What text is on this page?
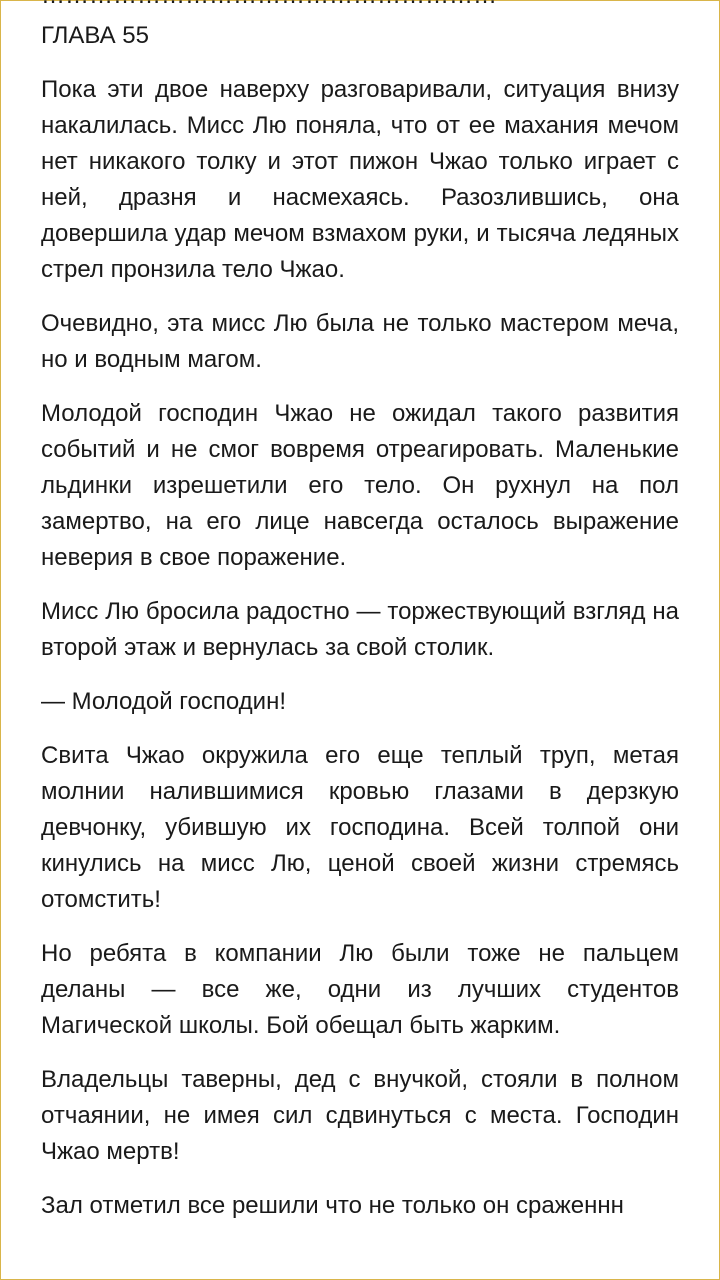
ГЛАВА 55

Пока эти двое наверху разговаривали, ситуация внизу накалилась. Мисс Лю поняла, что от ее махания мечом нет никакого толку и этот пижон Чжао только играет с ней, дразня и насмехаясь. Разозлившись, она довершила удар мечом взмахом руки, и тысяча ледяных стрел пронзила тело Чжао.

Очевидно, эта мисс Лю была не только мастером меча, но и водным магом.

Молодой господин Чжао не ожидал такого развития событий и не смог вовремя отреагировать. Маленькие льдинки изрешетили его тело. Он рухнул на пол замертво, на его лице навсегда осталось выражение неверия в свое поражение.

Мисс Лю бросила радостно — торжествующий взгляд на второй этаж и вернулась за свой столик.

— Молодой господин!

Свита Чжао окружила его еще теплый труп, метая молнии налившимися кровью глазами в дерзкую девчонку, убившую их господина. Всей толпой они кинулись на мисс Лю, ценой своей жизни стремясь отомстить!

Но ребята в компании Лю были тоже не пальцем деланы — все же, одни из лучших студентов Магической школы. Бой обещал быть жарким.

Владельцы таверны, дед с внучкой, стояли в полном отчаянии, не имея сил сдвинуться с места. Господин Чжао мертв!

Зал отметил все решили что не только он сраженнн
